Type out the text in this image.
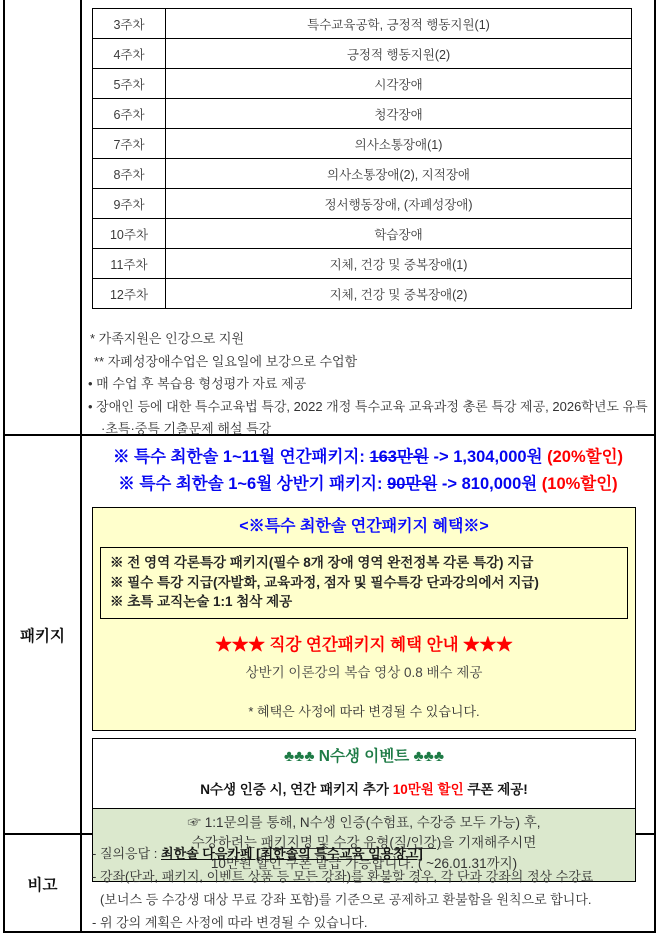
3주차	특수교육공학, 긍정적 행동지원(1)
4주차	긍정적 행동지원(2)
5주차	시각장애
6주차	청각장애
7주차	의사소통장애(1)
8주차	의사소통장애(2), 지적장애
9주차	정서행동장애, (자폐성장애)
10주차	학습장애
11주차	지체, 건강 및 중복장애(1)
12주차	지체, 건강 및 중복장애(2)
* 가족지원은 인강으로 지원
** 자폐성장애수업은 일요일에 보강으로 수업함
• 매 수업 후 복습용 형성평가 자료 제공
• 장애인 등에 대한 특수교육법 특강, 2022 개정 특수교육 교육과정 총론 특강 제공, 2026학년도 유특·초특·중특 기출문제 해설 특강
패키지
※ 특수 최한솔 1~11월 연간패키지: 163만원 -> 1,304,000원 (20%할인)
※ 특수 최한솔 1~6월 상반기 패키지: 90만원 -> 810,000원 (10%할인)
<※특수 최한솔 연간패키지 혜택※>
※ 전 영역 각론특강 패키지(필수 8개 장애 영역 완전정복 각론 특강) 지급
※ 필수 특강 지급(자발화, 교육과정, 점자 및 필수특강 단과강의에서 지급)
※ 초특 교직논술 1:1 첨삭 제공
★★★ 직강 연간패키지 혜택 안내 ★★★
상반기 이론강의 복습 영상 0.8 배수 제공
* 혜택은 사정에 따라 변경될 수 있습니다.
♣♣♣ N수생 이벤트 ♣♣♣
N수생 인증 시, 연간 패키지 추가 10만원 할인 쿠폰 제공!
☞ 1:1문의를 통해, N수생 인증(수험표, 수강증 모두 가능) 후,
수강하려는 패키지명 및 수강 유형(직/인강)을 기재해주시면
10만원 할인 쿠폰 발급 가능합니다. ( ~26.01.31까지)
비고
- 질의응답 : 최한솔 다음카페 [최한솔의 특수교육 임용창고]
- 강좌(단과, 패키지, 이벤트 상품 등 모든 강좌)를 환불할 경우, 각 단과 강좌의 정상 수강료
(보너스 등 수강생 대상 무료 강좌 포함)를 기준으로 공제하고 환불함을 원칙으로 합니다.
- 위 강의 계획은 사정에 따라 변경될 수 있습니다.
